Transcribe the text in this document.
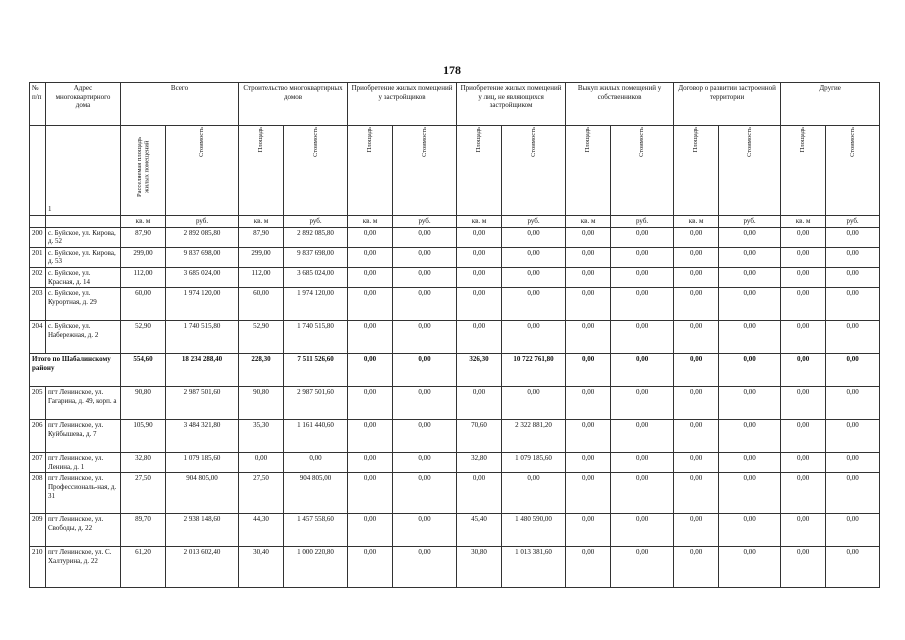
178
№ п/п	Адрес многоквартирного дома	Всего		Строительство многоквартирных домов		Приобретение жилых помещений у застройщиков		Приобретение жилых помещений у лиц, не являющихся застройщиком		Выкуп жилых помещений у собственников		Договор о развитии застроенной территории		Другие	

	1	Расселяемая площадь жилых помещений	Стоимость	Площадь	Стоимость	Площадь	Стоимость	Площадь	Стоимость	Площадь	Стоимость	Площадь	Стоимость	Площадь	Стоимость

		кв. м	руб.	кв. м	руб.	кв. м	руб.	кв. м	руб.	кв. м	руб.	кв. м	руб.	кв. м	руб.
200	с. Буйское, ул. Кирова, д. 52	87,90	2 892 085,80	87,90	2 892 085,80	0,00	0,00	0,00	0,00	0,00	0,00	0,00	0,00	0,00	0,00
201	с. Буйское, ул. Кирова, д. 53	299,00	9 837 698,00	299,00	9 837 698,00	0,00	0,00	0,00	0,00	0,00	0,00	0,00	0,00	0,00	0,00
202	с. Буйское, ул. Красная, д. 14	112,00	3 685 024,00	112,00	3 685 024,00	0,00	0,00	0,00	0,00	0,00	0,00	0,00	0,00	0,00	0,00
203	с. Буйское, ул. Курортная, д. 29	60,00	1 974 120,00	60,00	1 974 120,00	0,00	0,00	0,00	0,00	0,00	0,00	0,00	0,00	0,00	0,00
204	с. Буйское, ул. Набережная, д. 2	52,90	1 740 515,80	52,90	1 740 515,80	0,00	0,00	0,00	0,00	0,00	0,00	0,00	0,00	0,00	0,00
Итого по Шабалинскому району		554,60	18 234 288,40	228,30	7 511 526,60	0,00	0,00	326,30	10 722 761,80	0,00	0,00	0,00	0,00	0,00	0,00
205	пгт Ленинское, ул. Гагарина, д. 49, корп. а	90,80	2 987 501,60	90,80	2 987 501,60	0,00	0,00	0,00	0,00	0,00	0,00	0,00	0,00	0,00	0,00
206	пгт Ленинское, ул. Куйбышева, д. 7	105,90	3 484 321,80	35,30	1 161 440,60	0,00	0,00	70,60	2 322 881,20	0,00	0,00	0,00	0,00	0,00	0,00
207	пгт Ленинское, ул. Ленина, д. 1	32,80	1 079 185,60	0,00	0,00	0,00	0,00	32,80	1 079 185,60	0,00	0,00	0,00	0,00	0,00	0,00
208	пгт Ленинское, ул. Профессиональ-ная, д. 31	27,50	904 805,00	27,50	904 805,00	0,00	0,00	0,00	0,00	0,00	0,00	0,00	0,00	0,00	0,00
209	пгт Ленинское, ул. Свободы, д. 22	89,70	2 938 148,60	44,30	1 457 558,60	0,00	0,00	45,40	1 480 590,00	0,00	0,00	0,00	0,00	0,00	0,00
210	пгт Ленинское, ул. С. Халтурина, д. 22	61,20	2 013 602,40	30,40	1 000 220,80	0,00	0,00	30,80	1 013 381,60	0,00	0,00	0,00	0,00	0,00	0,00
